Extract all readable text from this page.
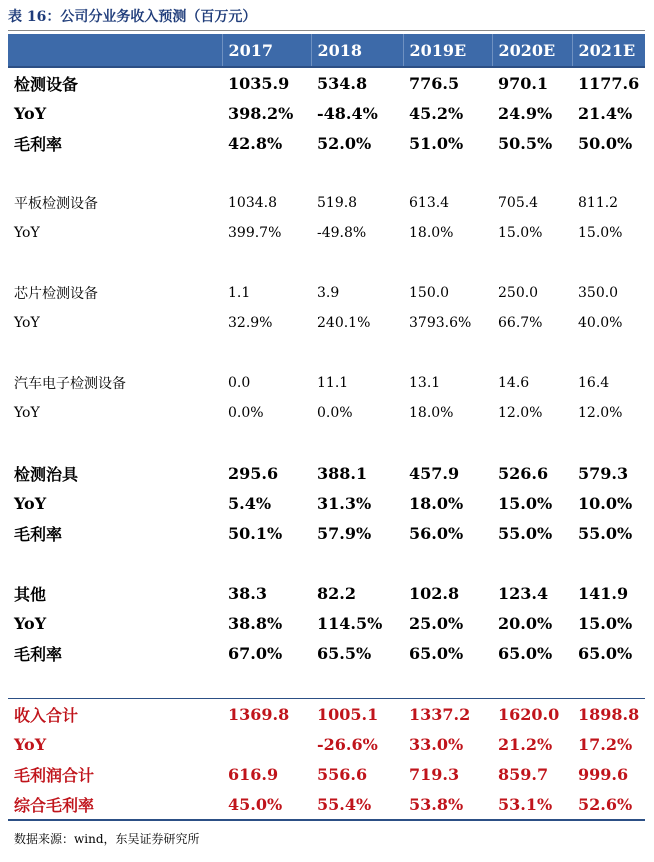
表 16：公司分业务收入预测（百万元）
	2017	2018	2019E	2020E	2021E
检测设备	1035.9	534.8	776.5	970.1	1177.6
YoY	398.2%	-48.4%	45.2%	24.9%	21.4%
毛利率	42.8%	52.0%	51.0%	50.5%	50.0%

平板检测设备	1034.8	519.8	613.4	705.4	811.2
YoY	399.7%	-49.8%	18.0%	15.0%	15.0%

芯片检测设备	1.1	3.9	150.0	250.0	350.0
YoY	32.9%	240.1%	3793.6%	66.7%	40.0%

汽车电子检测设备	0.0	11.1	13.1	14.6	16.4
YoY	0.0%	0.0%	18.0%	12.0%	12.0%

检测治具	295.6	388.1	457.9	526.6	579.3
YoY	5.4%	31.3%	18.0%	15.0%	10.0%
毛利率	50.1%	57.9%	56.0%	55.0%	55.0%

其他	38.3	82.2	102.8	123.4	141.9
YoY	38.8%	114.5%	25.0%	20.0%	15.0%
毛利率	67.0%	65.5%	65.0%	65.0%	65.0%

收入合计	1369.8	1005.1	1337.2	1620.0	1898.8
YoY		-26.6%	33.0%	21.2%	17.2%
毛利润合计	616.9	556.6	719.3	859.7	999.6
综合毛利率	45.0%	55.4%	53.8%	53.1%	52.6%
数据来源：wind，东吴证券研究所
